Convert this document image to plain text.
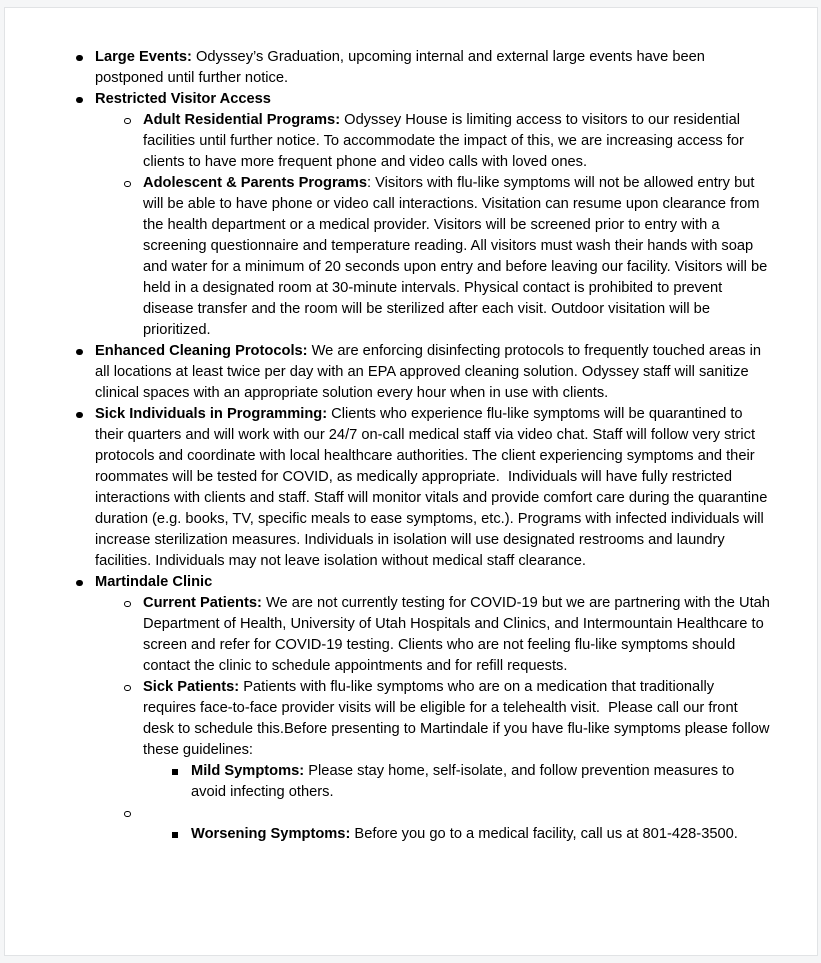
Large Events: Odyssey’s Graduation, upcoming internal and external large events have been postponed until further notice.
Restricted Visitor Access
Adult Residential Programs: Odyssey House is limiting access to visitors to our residential facilities until further notice. To accommodate the impact of this, we are increasing access for clients to have more frequent phone and video calls with loved ones.
Adolescent & Parents Programs: Visitors with flu-like symptoms will not be allowed entry but will be able to have phone or video call interactions. Visitation can resume upon clearance from the health department or a medical provider. Visitors will be screened prior to entry with a screening questionnaire and temperature reading. All visitors must wash their hands with soap and water for a minimum of 20 seconds upon entry and before leaving our facility. Visitors will be held in a designated room at 30-minute intervals. Physical contact is prohibited to prevent disease transfer and the room will be sterilized after each visit. Outdoor visitation will be prioritized.
Enhanced Cleaning Protocols: We are enforcing disinfecting protocols to frequently touched areas in all locations at least twice per day with an EPA approved cleaning solution. Odyssey staff will sanitize clinical spaces with an appropriate solution every hour when in use with clients.
Sick Individuals in Programming: Clients who experience flu-like symptoms will be quarantined to their quarters and will work with our 24/7 on-call medical staff via video chat. Staff will follow very strict protocols and coordinate with local healthcare authorities. The client experiencing symptoms and their roommates will be tested for COVID, as medically appropriate.  Individuals will have fully restricted interactions with clients and staff. Staff will monitor vitals and provide comfort care during the quarantine duration (e.g. books, TV, specific meals to ease symptoms, etc.). Programs with infected individuals will increase sterilization measures. Individuals in isolation will use designated restrooms and laundry facilities. Individuals may not leave isolation without medical staff clearance.
Martindale Clinic
Current Patients: We are not currently testing for COVID-19 but we are partnering with the Utah Department of Health, University of Utah Hospitals and Clinics, and Intermountain Healthcare to screen and refer for COVID-19 testing. Clients who are not feeling flu-like symptoms should contact the clinic to schedule appointments and for refill requests.
Sick Patients: Patients with flu-like symptoms who are on a medication that traditionally requires face-to-face provider visits will be eligible for a telehealth visit.  Please call our front desk to schedule this.Before presenting to Martindale if you have flu-like symptoms please follow these guidelines:
Mild Symptoms: Please stay home, self-isolate, and follow prevention measures to avoid infecting others.
Worsening Symptoms: Before you go to a medical facility, call us at 801-428-3500.
